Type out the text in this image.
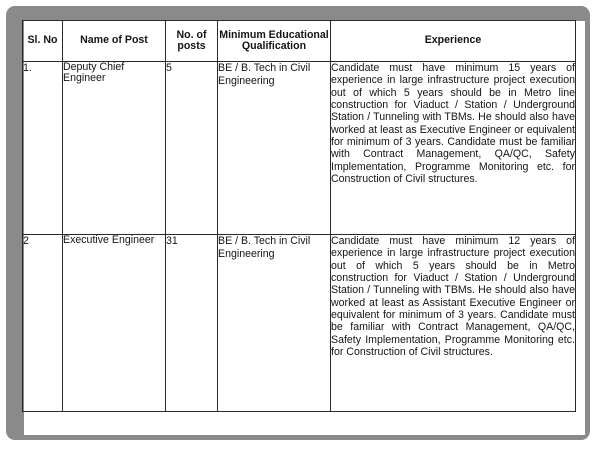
Sl. No	Name of Post	No. of posts	Minimum Educational Qualification	Experience
1.	Deputy Chief Engineer	5	BE / B. Tech in Civil Engineering	Candidate must have minimum 15 years of experience in large infrastructure project execution out of which 5 years should be in Metro line construction for Viaduct / Station / Underground Station / Tunneling with TBMs. He should also have worked at least as Executive Engineer or equivalent for minimum of 3 years. Candidate must be familiar with Contract Management, QA/QC, Safety Implementation, Programme Monitoring etc. for Construction of Civil structures.
2	Executive Engineer	31	BE / B. Tech in Civil Engineering	Candidate must have minimum 12 years of experience in large infrastructure project execution out of which 5 years should be in Metro construction for Viaduct / Station / Underground Station / Tunneling with TBMs. He should also have worked at least as Assistant Executive Engineer or equivalent for minimum of 3 years. Candidate must be familiar with Contract Management, QA/QC, Safety Implementation, Programme Monitoring etc. for Construction of Civil structures.
